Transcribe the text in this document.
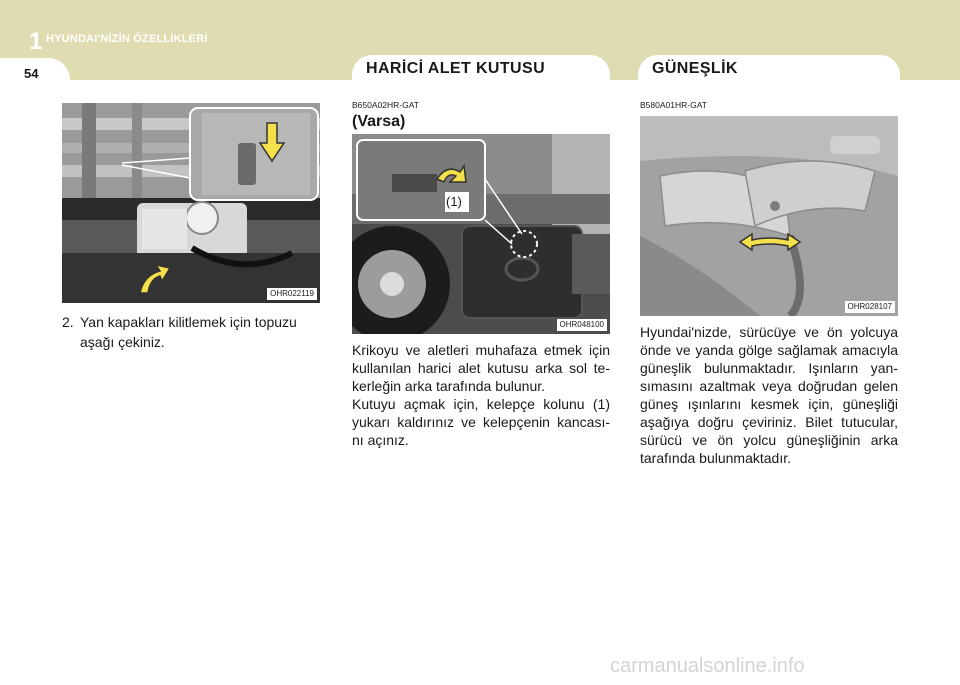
1 HYUNDAI'NİZİN ÖZELLİKLERİ
54	HARİCİ ALET KUTUSU	GÜNEŞLİK
OHR022119
2. Yan kapakları kilitlemek için topuzu aşağı çekiniz.

B650A02HR-GAT
(Varsa)
(1)
OHR048100

Krikoyu ve aletleri muhafaza etmek için kullanılan harici alet kutusu arka sol te- kerleğin arka tarafında bulunur.

Kutuyu açmak için, kelepçe kolunu (1) yukarı kaldırınız ve kelepçenin kancası- nı açınız.

B580A01HR-GAT
OHR028107

Hyundai'nizde, sürücüye ve ön yolcuya önde ve yanda gölge sağlamak amacıyla güneşlik bulunmaktadır. Işınların yan- sımasını azaltmak veya doğrudan gelen güneş ışınlarını kesmek için, güneşliği aşağıya doğru çeviriniz. Bilet tutucular, sürücü ve ön yolcu güneşliğinin arka tarafında bulunmaktadır.

carmanualsonline.info
